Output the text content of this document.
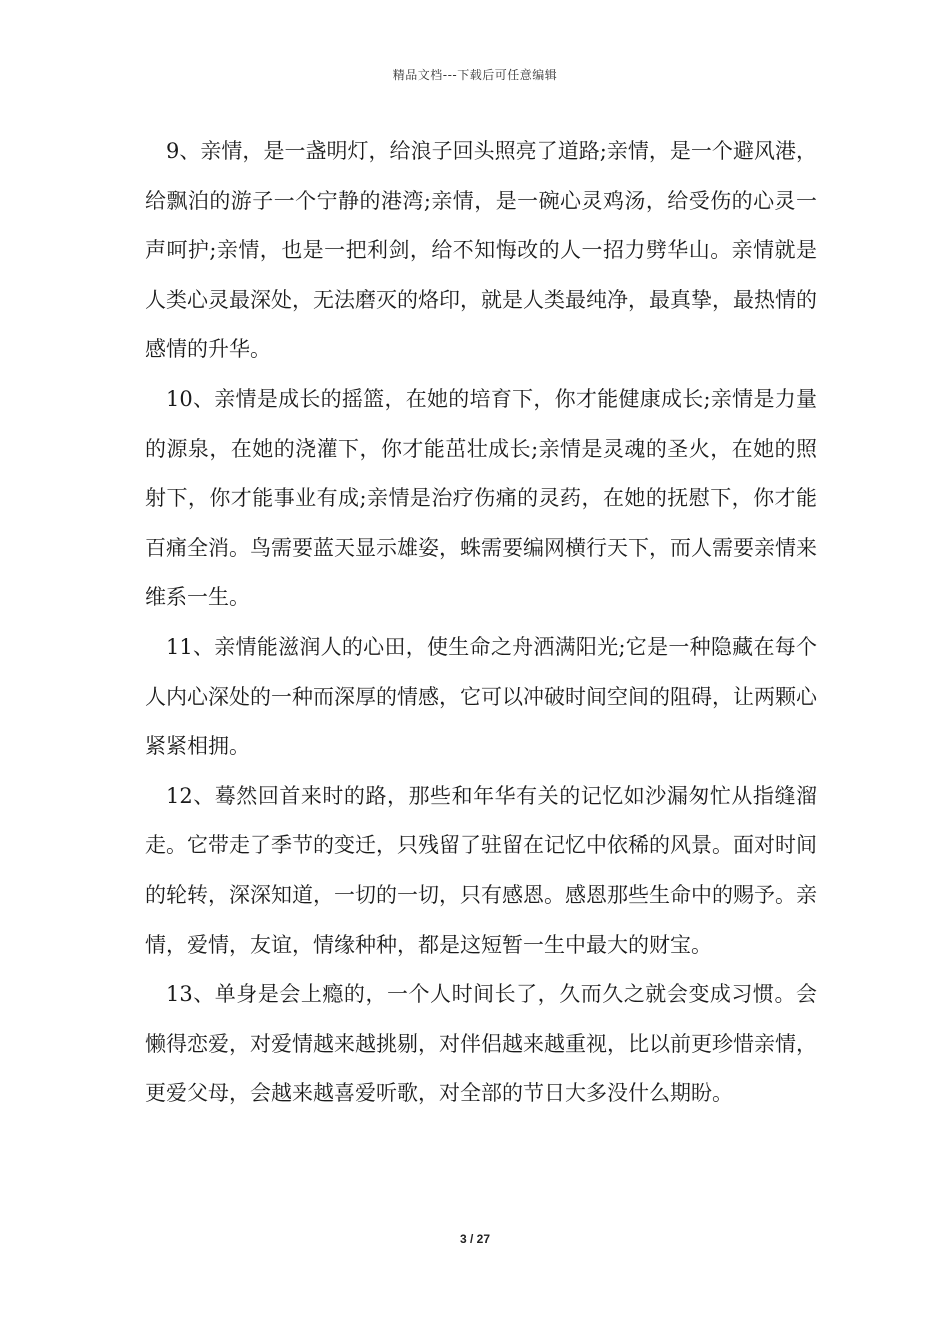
精品文档---下载后可任意编辑

9、亲情，是一盏明灯，给浪子回头照亮了道路;亲情，是一个避风港，给飘泊的游子一个宁静的港湾;亲情，是一碗心灵鸡汤，给受伤的心灵一声呵护;亲情，也是一把利剑，给不知悔改的人一招力劈华山。亲情就是人类心灵最深处，无法磨灭的烙印，就是人类最纯净，最真挚，最热情的感情的升华。

10、亲情是成长的摇篮，在她的培育下，你才能健康成长;亲情是力量的源泉，在她的浇灌下，你才能茁壮成长;亲情是灵魂的圣火，在她的照射下，你才能事业有成;亲情是治疗伤痛的灵药，在她的抚慰下，你才能百痛全消。鸟需要蓝天显示雄姿，蛛需要编网横行天下，而人需要亲情来维系一生。

11、亲情能滋润人的心田，使生命之舟洒满阳光;它是一种隐藏在每个人内心深处的一种而深厚的情感，它可以冲破时间空间的阻碍，让两颗心紧紧相拥。

12、蓦然回首来时的路，那些和年华有关的记忆如沙漏匆忙从指缝溜走。它带走了季节的变迁，只残留了驻留在记忆中依稀的风景。面对时间的轮转，深深知道，一切的一切，只有感恩。感恩那些生命中的赐予。亲情，爱情，友谊，情缘种种，都是这短暂一生中最大的财宝。

13、单身是会上瘾的，一个人时间长了，久而久之就会变成习惯。会懒得恋爱，对爱情越来越挑剔，对伴侣越来越重视，比以前更珍惜亲情，更爱父母，会越来越喜爱听歌，对全部的节日大多没什么期盼。

3 / 27
